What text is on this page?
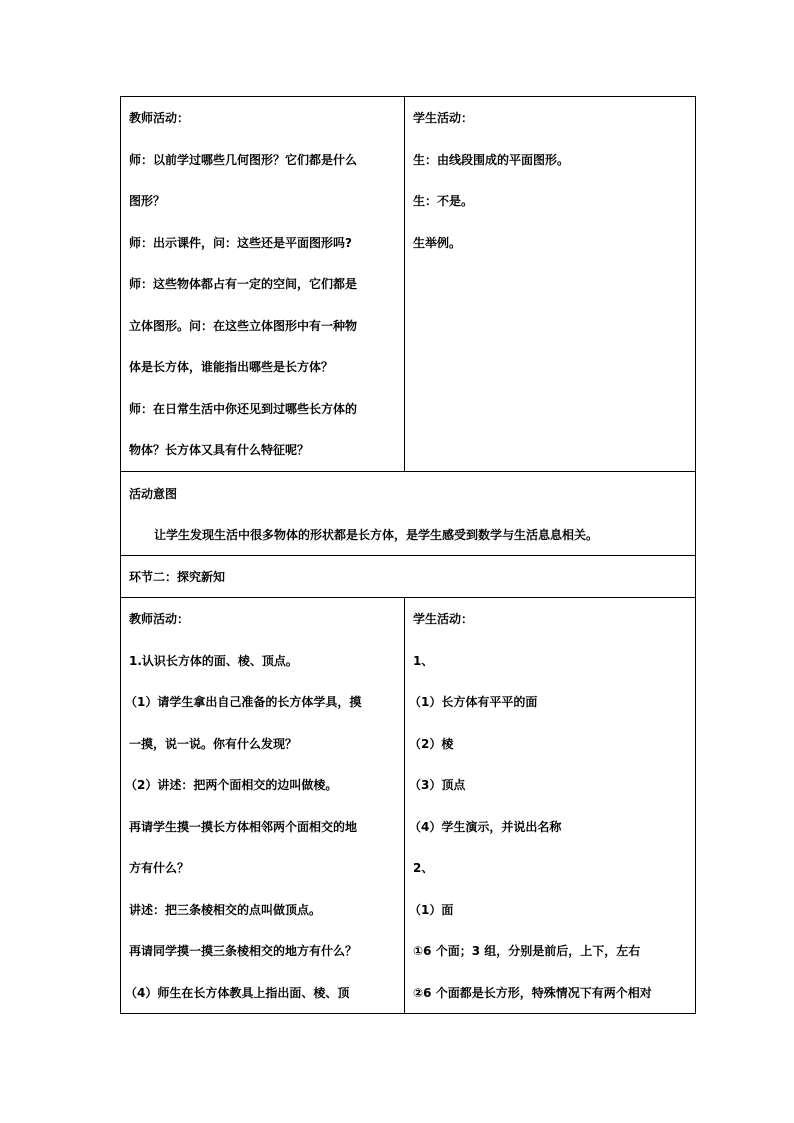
教师活动：
师：以前学过哪些几何图形？它们都是什么
图形？
师：出示课件，问：这些还是平面图形吗?
师：这些物体都占有一定的空间，它们都是
立体图形。问：在这些立体图形中有一种物
体是长方体，谁能指出哪些是长方体？
师：在日常生活中你还见到过哪些长方体的
物体？长方体又具有什么特征呢？
学生活动：
生：由线段围成的平面图形。
生：不是。
生举例。
活动意图
让学生发现生活中很多物体的形状都是长方体，是学生感受到数学与生活息息相关。
环节二：探究新知
教师活动：
1.认识长方体的面、棱、顶点。
（1）请学生拿出自己准备的长方体学具，摸
一摸，说一说。你有什么发现？
（2）讲述：把两个面相交的边叫做棱。
再请学生摸一摸长方体相邻两个面相交的地
方有什么？
讲述：把三条棱相交的点叫做顶点。
再请同学摸一摸三条棱相交的地方有什么？
（4）师生在长方体教具上指出面、棱、顶
学生活动：
1、
（1）长方体有平平的面
（2）棱
（3）顶点
（4）学生演示，并说出名称
2、
（1）面
①6 个面；3 组，分别是前后，上下，左右
②6 个面都是长方形，特殊情况下有两个相对
